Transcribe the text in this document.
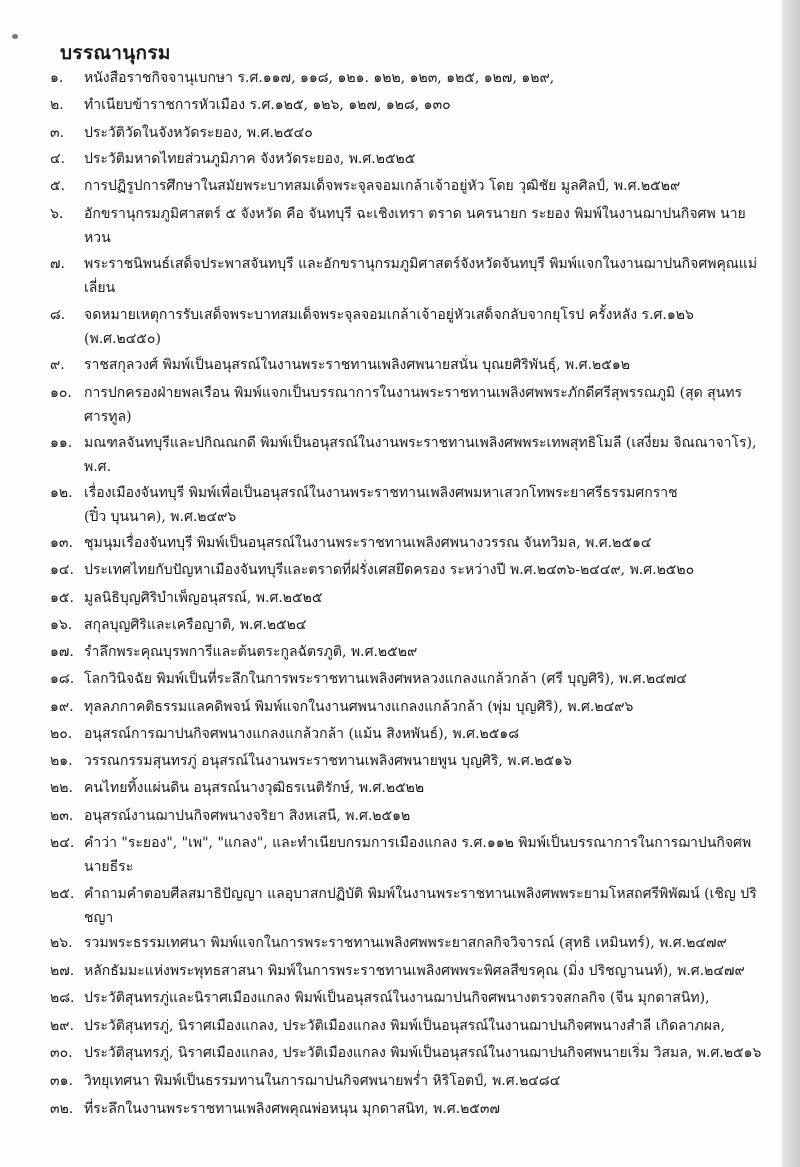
บรรณานุกรม
๑.	หนังสือราชกิจจานุเบกษา ร.ศ.๑๑๗, ๑๑๘, ๑๒๑. ๑๒๒, ๑๒๓, ๑๒๕, ๑๒๗, ๑๒๙,
๒.	ทำเนียบข้าราชการหัวเมือง ร.ศ.๑๒๕, ๑๒๖, ๑๒๗, ๑๒๘, ๑๓๐
๓.	ประวัติวัดในจังหวัดระยอง, พ.ศ.๒๕๔๐
๔.	ประวัติมหาดไทยส่วนภูมิภาค จังหวัดระยอง, พ.ศ.๒๕๒๕
๕.	การปฏิรูปการศึกษาในสมัยพระบาทสมเด็จพระจุลจอมเกล้าเจ้าอยู่หัว โดย วุฒิชัย มูลศิลป์, พ.ศ.๒๕๒๙
๖.	อักขรานุกรมภูมิศาสตร์ ๕ จังหวัด คือ จันทบุรี ฉะเชิงเทรา ตราด นครนายก ระยอง พิมพ์ในงานฌาปนกิจศพ นายหวน

๗.	พระราชนิพนธ์เสด็จประพาสจันทบุรี และอักขรานุกรมภูมิศาสตร์จังหวัดจันทบุรี พิมพ์แจกในงานฌาปนกิจศพคุณแม่เลี่ยน

๘.	จดหมายเหตุการรับเสด็จพระบาทสมเด็จพระจุลจอมเกล้าเจ้าอยู่หัวเสด็จกลับจากยุโรป ครั้งหลัง ร.ศ.๑๒๖ (พ.ศ.๒๔๕๐)

๙.	ราชสกุลวงศ์ พิมพ์เป็นอนุสรณ์ในงานพระราชทานเพลิงศพนายสนั่น บุณยศิริพันธุ์, พ.ศ.๒๕๑๒
๑๐. การปกครองฝ่ายพลเรือน พิมพ์แจกเป็นบรรณาการในงานพระราชทานเพลิงศพพระภักดีศรีสุพรรณภูมิ (สุด สุนทรศารทูล)

๑๑. มณฑลจันทบุรีและปกิณณกดี พิมพ์เป็นอนุสรณ์ในงานพระราชทานเพลิงศพพระเทพสุทธิโมลี (เสงี่ยม จิณณาจาโร), พ.ศ.

๑๒. เรื่องเมืองจันทบุรี พิมพ์เพื่อเป็นอนุสรณ์ในงานพระราชทานเพลิงศพมหาเสวกโทพระยาศรีธรรมศกราช
(ปิ๋ว บุนนาค), พ.ศ.๒๔๙๖
๑๓. ชุมนุมเรื่องจันทบุรี พิมพ์เป็นอนุสรณ์ในงานพระราชทานเพลิงศพนางวรรณ จันทวิมล, พ.ศ.๒๕๑๔
๑๔. ประเทศไทยกับปัญหาเมืองจันทบุรีและตราดที่ฝรั่งเศสยึดครอง ระหว่างปี พ.ศ.๒๔๓๖-๒๔๔๙, พ.ศ.๒๕๒๐
๑๕. มูลนิธิบุญศิริบำเพ็ญอนุสรณ์, พ.ศ.๒๕๒๕
๑๖. สกุลบุญศิริและเครือญาติ, พ.ศ.๒๕๒๔
๑๗. รำลึกพระคุณบุรพการีและต้นตระกูลฉัตรภูติ, พ.ศ.๒๕๒๙
๑๘. โลกวินิจฉัย พิมพ์เป็นที่ระลึกในการพระราชทานเพลิงศพหลวงแกลงแกล้วกล้า (ศรี บุญศิริ), พ.ศ.๒๔๗๔
๑๙. ทุลลภกาคติธรรมแลคดิพจน์ พิมพ์แจกในงานศพนางแกลงแกล้วกล้า (พุ่ม บุญศิริ), พ.ศ.๒๔๙๖
๒๐. อนุสรณ์การฌาปนกิจศพนางแกลงแกล้วกล้า (แม้น สิงหพันธ์), พ.ศ.๒๕๑๘
๒๑. วรรณกรรมสุนทรภู่ อนุสรณ์ในงานพระราชทานเพลิงศพนายพูน บุญศิริ, พ.ศ.๒๕๑๖
๒๒. คนไทยทิ้งแผ่นดิน อนุสรณ์นางวุฒิธรเนติรักษ์, พ.ศ.๒๕๒๒
๒๓. อนุสรณ์งานฌาปนกิจศพนางจริยา สิงหเสนี, พ.ศ.๒๕๑๒
๒๔. คำว่า "ระยอง", "เพ", "แกลง", และทำเนียบกรมการเมืองแกลง ร.ศ.๑๑๒ พิมพ์เป็นบรรณาการในการฌาปนกิจศพนายธีระ

๒๕. คำถามคำตอบศีลสมาธิปัญญา แลอุบาสกปฏิบัติ พิมพ์ในงานพระราชทานเพลิงศพพระยามโหสถศรีพิพัฒน์ (เชิญ ปริชญา

๒๖. รวมพระธรรมเทศนา พิมพ์แจกในการพระราชทานเพลิงศพพระยาสกลกิจวิจารณ์ (สุทธิ เหมินทร์), พ.ศ.๒๔๗๙
๒๗. หลักธัมมะแห่งพระพุทธสาสนา พิมพ์ในการพระราชทานเพลิงศพพระพิศลสีขรคุณ (มิ่ง ปริชญานนท์), พ.ศ.๒๔๗๙
๒๘. ประวัติสุนทรภู่และนิราศเมืองแกลง พิมพ์เป็นอนุสรณ์ในงานฌาปนกิจศพนางตรวจสกลกิจ (จีน มุกดาสนิท),
๒๙. ประวัติสุนทรภู่, นิราศเมืองแกลง, ประวัติเมืองแกลง พิมพ์เป็นอนุสรณ์ในงานฌาปนกิจศพนางสำลี เกิดลาภผล,
๓๐. ประวัติสุนทรภู่, นิราศเมืองแกลง, ประวัติเมืองแกลง พิมพ์เป็นอนุสรณ์ในงานฌาปนกิจศพนายเริ่ม วิสมล, พ.ศ.๒๕๑๖
๓๑. วิทยุเทศนา พิมพ์เป็นธรรมทานในการฌาปนกิจศพนายพร่ำ หิริโอตป์, พ.ศ.๒๔๘๔
๓๒. ที่ระลึกในงานพระราชทานเพลิงศพคุณพ่อหนุน มุกดาสนิท, พ.ศ.๒๕๓๗
